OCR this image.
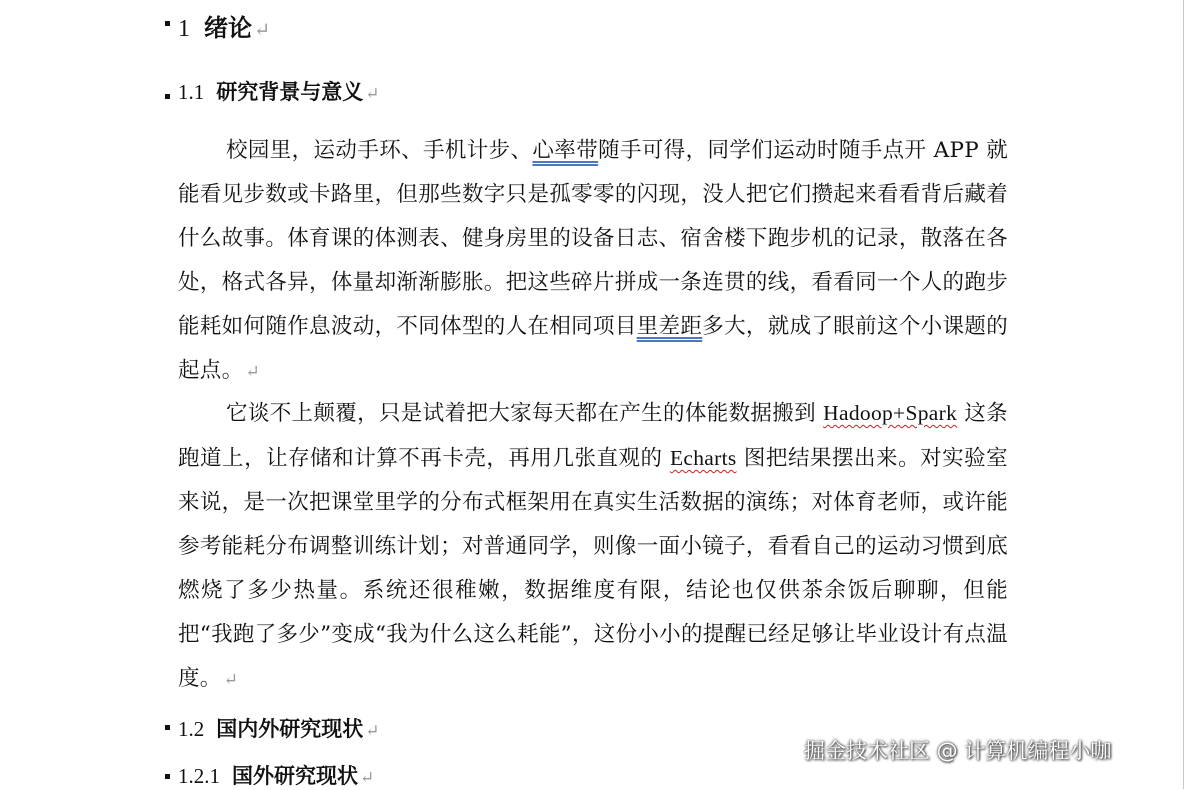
1 绪论 ↵
1.1 研究背景与意义 ↵
校园里，运动手环、手机计步、心率带随手可得，同学们运动时随手点开 APP 就能看见步数或卡路里，但那些数字只是孤零零的闪现，没人把它们攒起来看看背后藏着什么故事。体育课的体测表、健身房里的设备日志、宿舍楼下跑步机的记录，散落在各处，格式各异，体量却渐渐膨胀。把这些碎片拼成一条连贯的线，看看同一个人的跑步能耗如何随作息波动，不同体型的人在相同项目里差距多大，就成了眼前这个小课题的起点。 ↵
它谈不上颠覆，只是试着把大家每天都在产生的体能数据搬到 Hadoop+Spark 这条跑道上，让存储和计算不再卡壳，再用几张直观的 Echarts 图把结果摆出来。对实验室来说，是一次把课堂里学的分布式框架用在真实生活数据的演练；对体育老师，或许能参考能耗分布调整训练计划；对普通同学，则像一面小镜子，看看自己的运动习惯到底燃烧了多少热量。系统还很稚嫩，数据维度有限，结论也仅供茶余饭后聊聊，但能把“我跑了多少”变成“我为什么这么耗能”，这份小小的提醒已经足够让毕业设计有点温度。 ↵
1.2 国内外研究现状 ↵
1.2.1 国外研究现状 ↵
掘金技术社区 @ 计算机编程小咖
